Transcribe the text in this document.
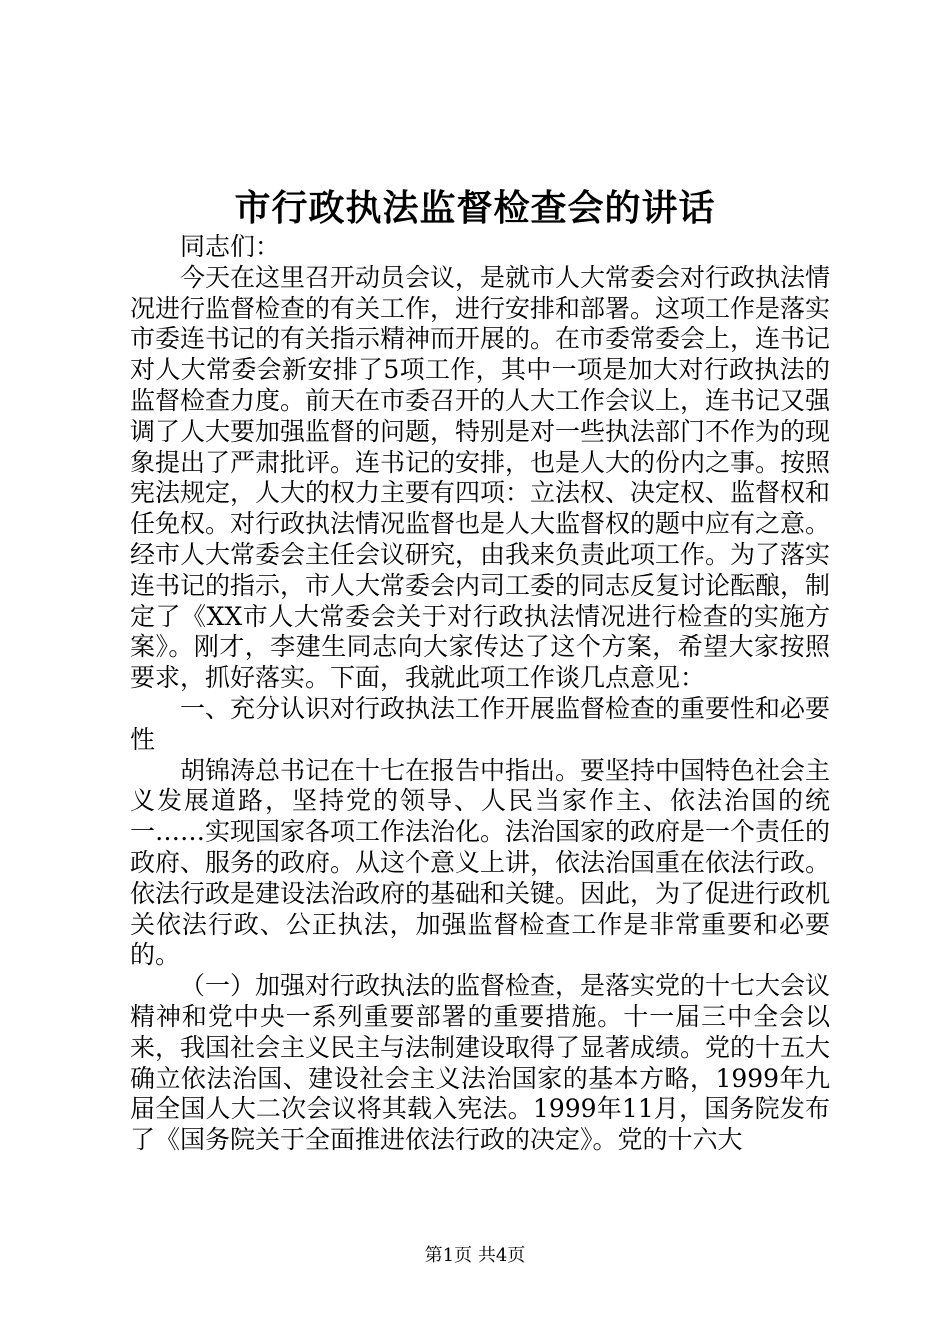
市行政执法监督检查会的讲话

同志们：

今天在这里召开动员会议，是就市人大常委会对行政执法情况进行监督检查的有关工作，进行安排和部署。这项工作是落实市委连书记的有关指示精神而开展的。在市委常委会上，连书记对人大常委会新安排了5项工作，其中一项是加大对行政执法的监督检查力度。前天在市委召开的人大工作会议上，连书记又强调了人大要加强监督的问题，特别是对一些执法部门不作为的现象提出了严肃批评。连书记的安排，也是人大的份内之事。按照宪法规定，人大的权力主要有四项：立法权、决定权、监督权和任免权。对行政执法情况监督也是人大监督权的题中应有之意。经市人大常委会主任会议研究，由我来负责此项工作。为了落实连书记的指示，市人大常委会内司工委的同志反复讨论酝酿，制定了《XX市人大常委会关于对行政执法情况进行检查的实施方案》。刚才，李建生同志向大家传达了这个方案，希望大家按照要求，抓好落实。下面，我就此项工作谈几点意见：

一、充分认识对行政执法工作开展监督检查的重要性和必要性

胡锦涛总书记在十七在报告中指出。要坚持中国特色社会主义发展道路，坚持党的领导、人民当家作主、依法治国的统一……实现国家各项工作法治化。法治国家的政府是一个责任的政府、服务的政府。从这个意义上讲，依法治国重在依法行政。依法行政是建设法治政府的基础和关键。因此，为了促进行政机关依法行政、公正执法，加强监督检查工作是非常重要和必要的。

（一）加强对行政执法的监督检查，是落实党的十七大会议精神和党中央一系列重要部署的重要措施。十一届三中全会以来，我国社会主义民主与法制建设取得了显著成绩。党的十五大确立依法治国、建设社会主义法治国家的基本方略，1999年九届全国人大二次会议将其载入宪法。1999年11月，国务院发布了《国务院关于全面推进依法行政的决定》。党的十六大

第1页 共4页
